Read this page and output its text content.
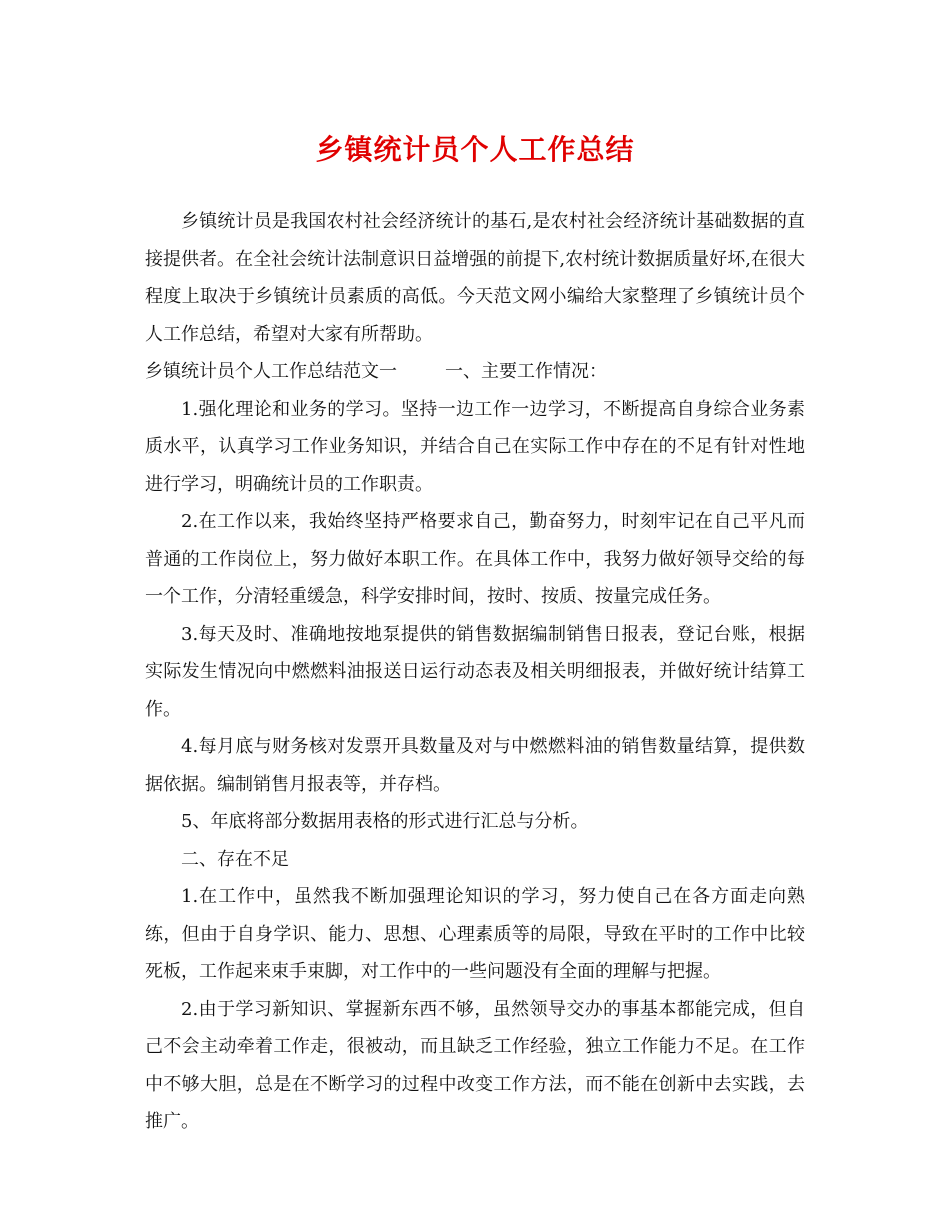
乡镇统计员个人工作总结

乡镇统计员是我国农村社会经济统计的基石,是农村社会经济统计基础数据的直接提供者。在全社会统计法制意识日益增强的前提下,农村统计数据质量好坏,在很大程度上取决于乡镇统计员素质的高低。今天范文网小编给大家整理了乡镇统计员个人工作总结，希望对大家有所帮助。

乡镇统计员个人工作总结范文一	一、主要工作情况：

1.强化理论和业务的学习。坚持一边工作一边学习，不断提高自身综合业务素质水平，认真学习工作业务知识，并结合自己在实际工作中存在的不足有针对性地进行学习，明确统计员的工作职责。

2.在工作以来，我始终坚持严格要求自己，勤奋努力，时刻牢记在自己平凡而普通的工作岗位上，努力做好本职工作。在具体工作中，我努力做好领导交给的每一个工作，分清轻重缓急，科学安排时间，按时、按质、按量完成任务。

3.每天及时、准确地按地泵提供的销售数据编制销售日报表，登记台账，根据实际发生情况向中燃燃料油报送日运行动态表及相关明细报表，并做好统计结算工作。

4.每月底与财务核对发票开具数量及对与中燃燃料油的销售数量结算，提供数据依据。编制销售月报表等，并存档。

5、年底将部分数据用表格的形式进行汇总与分析。

二、存在不足

1.在工作中，虽然我不断加强理论知识的学习，努力使自己在各方面走向熟练，但由于自身学识、能力、思想、心理素质等的局限，导致在平时的工作中比较死板，工作起来束手束脚，对工作中的一些问题没有全面的理解与把握。

2.由于学习新知识、掌握新东西不够，虽然领导交办的事基本都能完成，但自己不会主动牵着工作走，很被动，而且缺乏工作经验，独立工作能力不足。在工作中不够大胆，总是在不断学习的过程中改变工作方法，而不能在创新中去实践，去推广。
